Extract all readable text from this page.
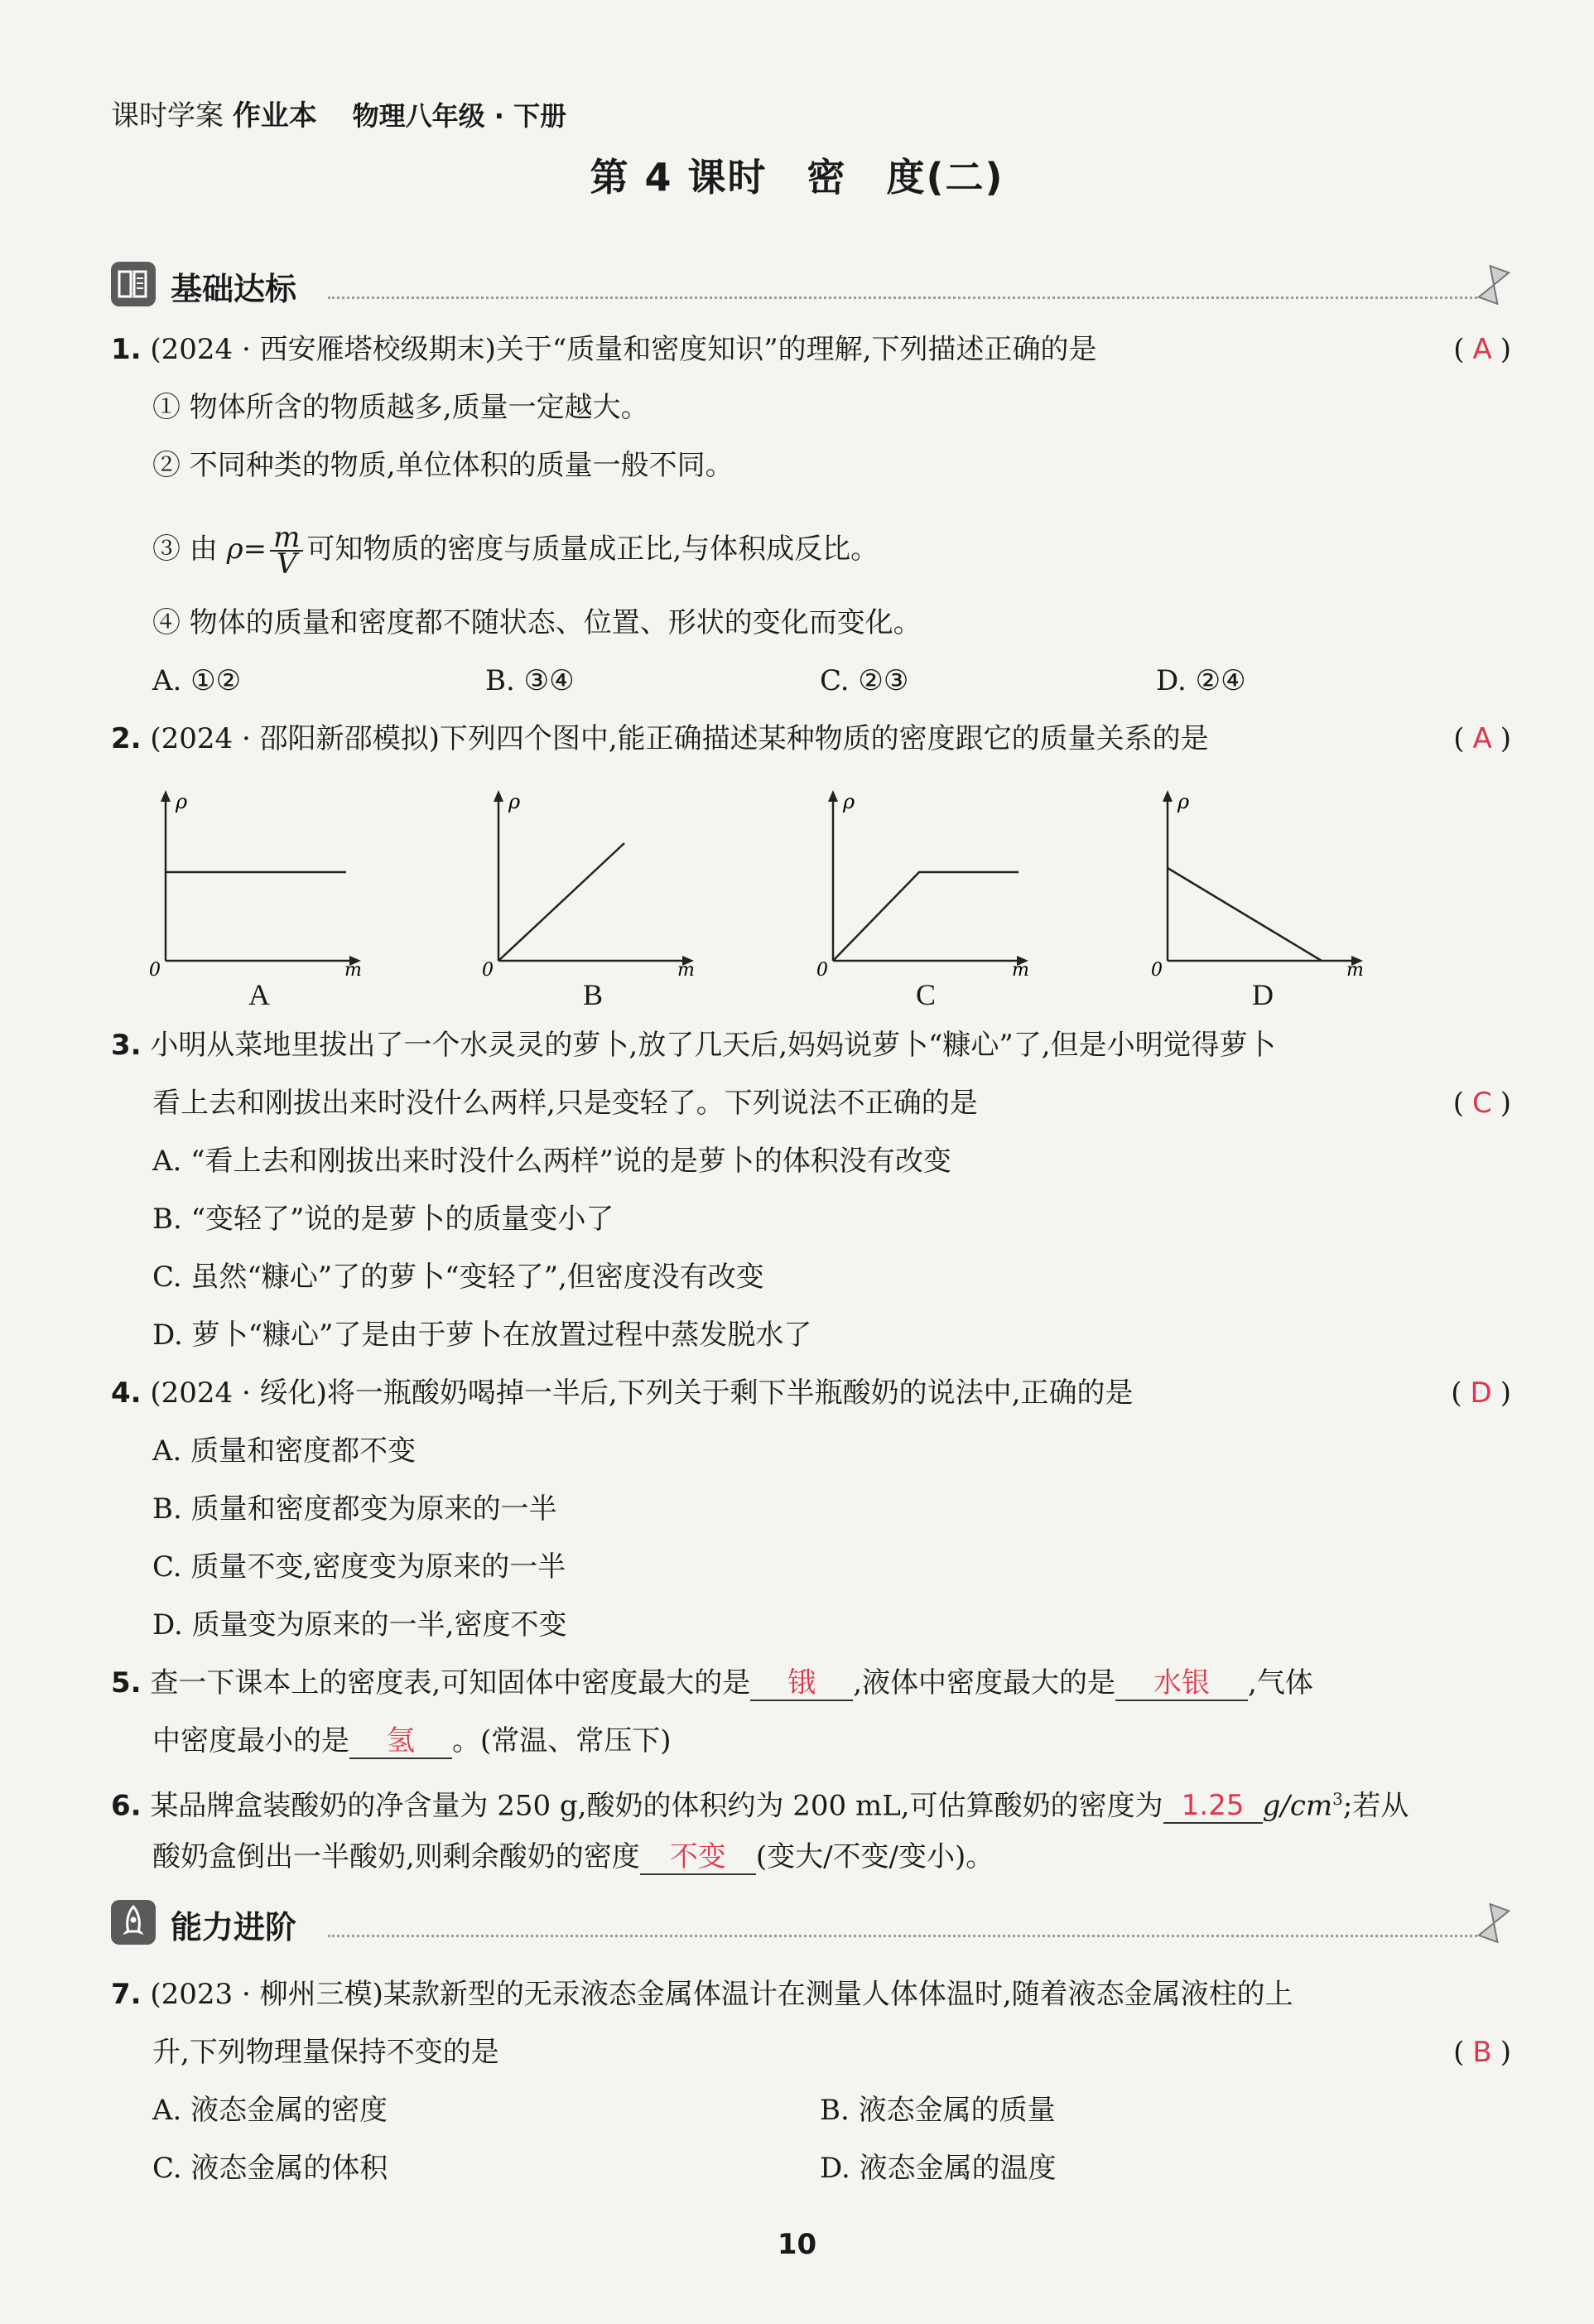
课时学案 作业本 物理八年级 · 下册
第 4 课时　密　度(二)
基础达标
1. (2024 · 西安雁塔校级期末)关于“质量和密度知识”的理解,下列描述正确的是	( A )
① 物体所含的物质越多,质量一定越大。
② 不同种类的物质,单位体积的质量一般不同。
③ 由 $\rho= \frac{m}{V}$ 可知物质的密度与质量成正比,与体积成反比。
④ 物体的质量和密度都不随状态、位置、形状的变化而变化。
A. ①②	B. ③④	C. ②③	D. ②④
2. (2024 · 邵阳新邵模拟)下列四个图中,能正确描述某种物质的密度跟它的质量关系的是	( A )
ρ
m
0
A
ρ
m
0
B
ρ
m
0
C
ρ
m
0
D
3. 小明从菜地里拔出了一个水灵灵的萝卜,放了几天后,妈妈说萝卜“糠心”了,但是小明觉得萝卜
看上去和刚拔出来时没什么两样,只是变轻了。下列说法不正确的是	( C )
A. “看上去和刚拔出来时没什么两样”说的是萝卜的体积没有改变
B. “变轻了”说的是萝卜的质量变小了
C. 虽然“糠心”了的萝卜“变轻了”,但密度没有改变
D. 萝卜“糠心”了是由于萝卜在放置过程中蒸发脱水了
4. (2024 · 绥化)将一瓶酸奶喝掉一半后,下列关于剩下半瓶酸奶的说法中,正确的是	( D )
A. 质量和密度都不变
B. 质量和密度都变为原来的一半
C. 质量不变,密度变为原来的一半
D. 质量变为原来的一半,密度不变
5. 查一下课本上的密度表,可知固体中密度最大的是 锇 ,液体中密度最大的是 水银 ,气体
中密度最小的是 氢 。(常温、常压下)
6. 某品牌盒装酸奶的净含量为 250 g,酸奶的体积约为 200 mL,可估算酸奶的密度为 1.25 $g/cm^3$;若从
酸奶盒倒出一半酸奶,则剩余酸奶的密度 不变 (变大/不变/变小)。
能力进阶
7. (2023 · 柳州三模)某款新型的无汞液态金属体温计在测量人体体温时,随着液态金属液柱的上
升,下列物理量保持不变的是	( B )
A. 液态金属的密度	B. 液态金属的质量
C. 液态金属的体积	D. 液态金属的温度
10
